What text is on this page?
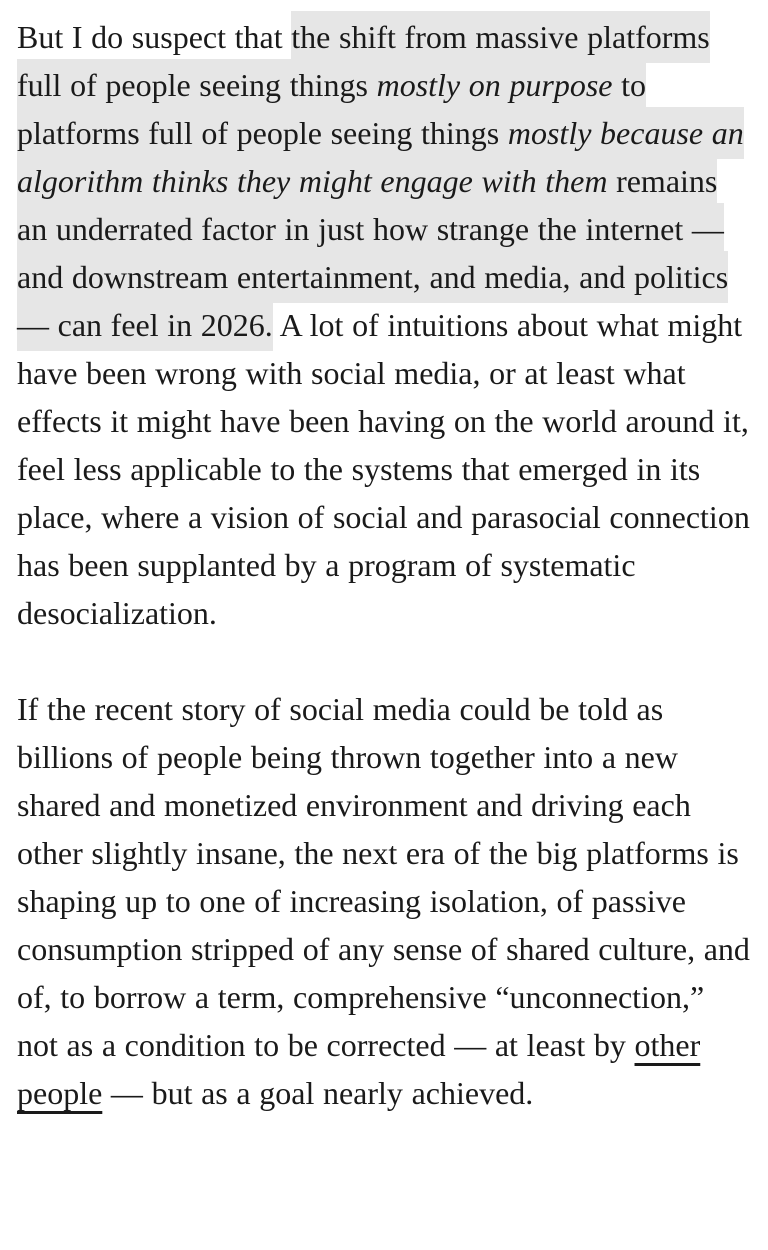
But I do suspect that the shift from massive platforms full of people seeing things mostly on purpose to platforms full of people seeing things mostly because an algorithm thinks they might engage with them remains an underrated factor in just how strange the internet — and downstream entertainment, and media, and politics — can feel in 2026. A lot of intuitions about what might have been wrong with social media, or at least what effects it might have been having on the world around it, feel less applicable to the systems that emerged in its place, where a vision of social and parasocial connection has been supplanted by a program of systematic desocialization.

If the recent story of social media could be told as billions of people being thrown together into a new shared and monetized environment and driving each other slightly insane, the next era of the big platforms is shaping up to one of increasing isolation, of passive consumption stripped of any sense of shared culture, and of, to borrow a term, comprehensive “unconnection,” not as a condition to be corrected — at least by other people — but as a goal nearly achieved.
